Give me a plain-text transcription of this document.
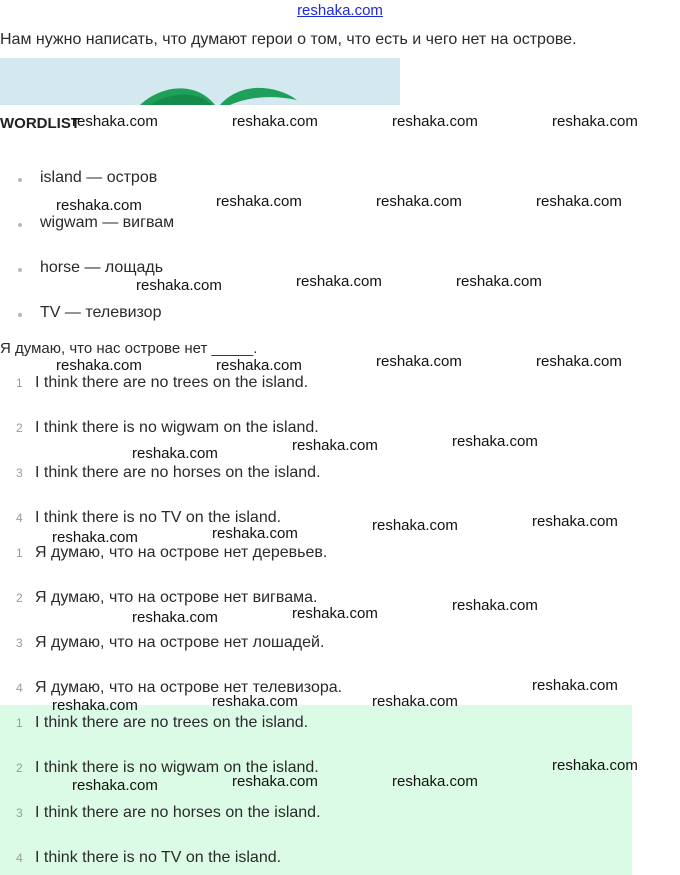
reshaka.com
Нам нужно написать, что думают герои о том, что есть и чего нет на острове.
WORDLIST
island — остров
wigwam — вигвам
horse — лощадь
TV — телевизор
Я думаю, что нас острове нет _____.
1 I think there are no trees on the island.
2 I think there is no wigwam on the island.
3 I think there are no horses on the island.
4 I think there is no TV on the island.
1 Я думаю, что на острове нет деревьев.
2 Я думаю, что на острове нет вигвама.
3 Я думаю, что на острове нет лошадей.
4 Я думаю, что на острове нет телевизора.
1 I think there are no trees on the island.
2 I think there is no wigwam on the island.
3 I think there are no horses on the island.
4 I think there is no TV on the island.
reshaka.com	reshaka.com	reshaka.com	reshaka.com
reshaka.com	reshaka.com	reshaka.com	reshaka.com
reshaka.com	reshaka.com	reshaka.com
reshaka.com	reshaka.com	reshaka.com	reshaka.com
reshaka.com	reshaka.com	reshaka.com
reshaka.com	reshaka.com	reshaka.com	reshaka.com
reshaka.com	reshaka.com	reshaka.com
reshaka.com	reshaka.com	reshaka.com
reshaka.com
reshaka.com	reshaka.com	reshaka.com
reshaka.com
